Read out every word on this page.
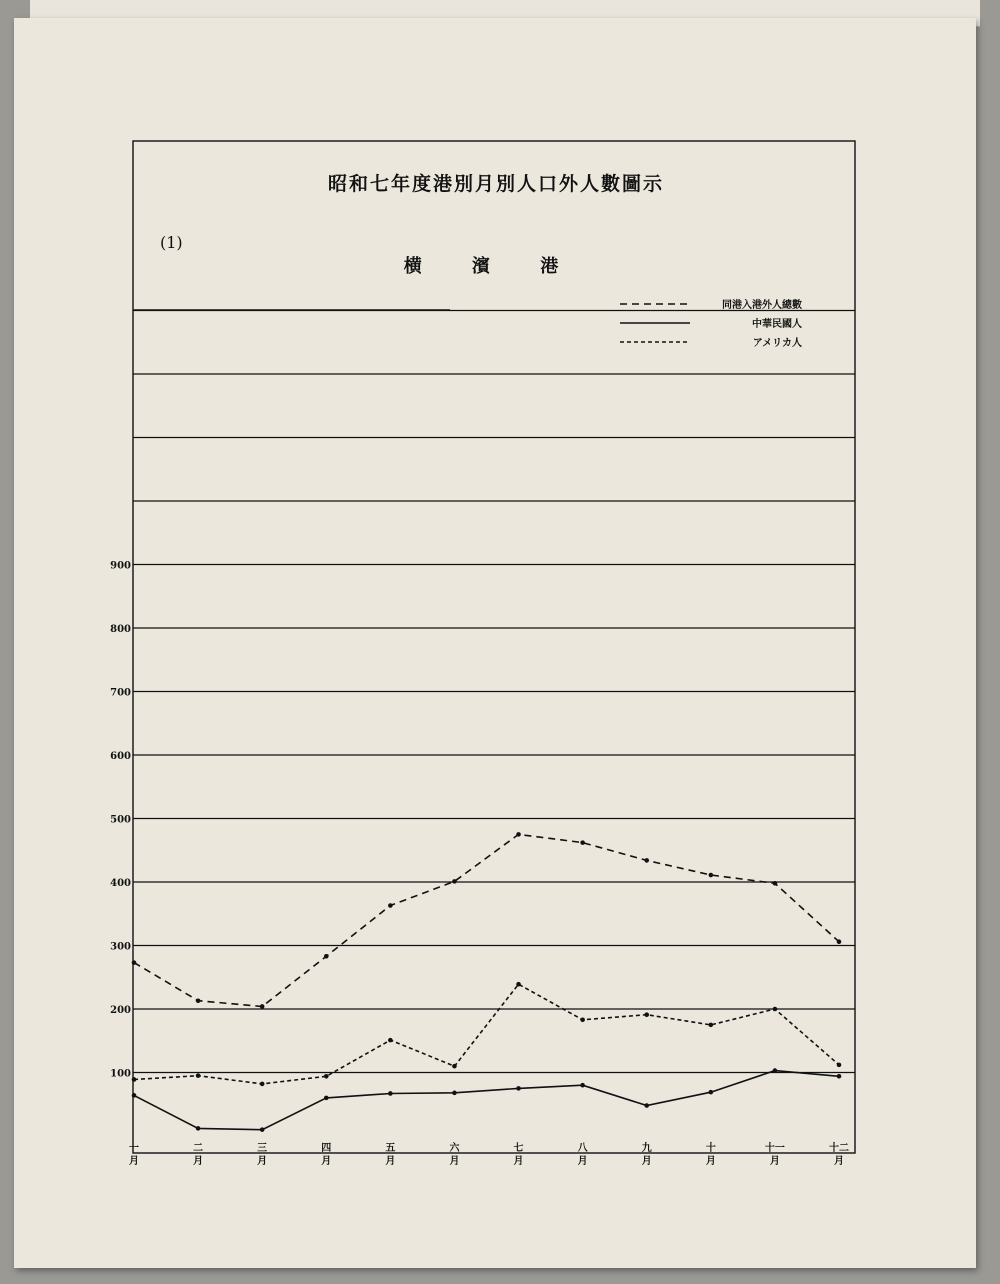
昭和七年度港別月別人口外人數圖示
(1)
横 濱 港
100
200
300
400
500
600
700
800
900
一月
二月
三月
四月
五月
六月
七月
八月
九月
十月
十一月
十二月
同港入港外人總數
中華民國人
アメリカ人
